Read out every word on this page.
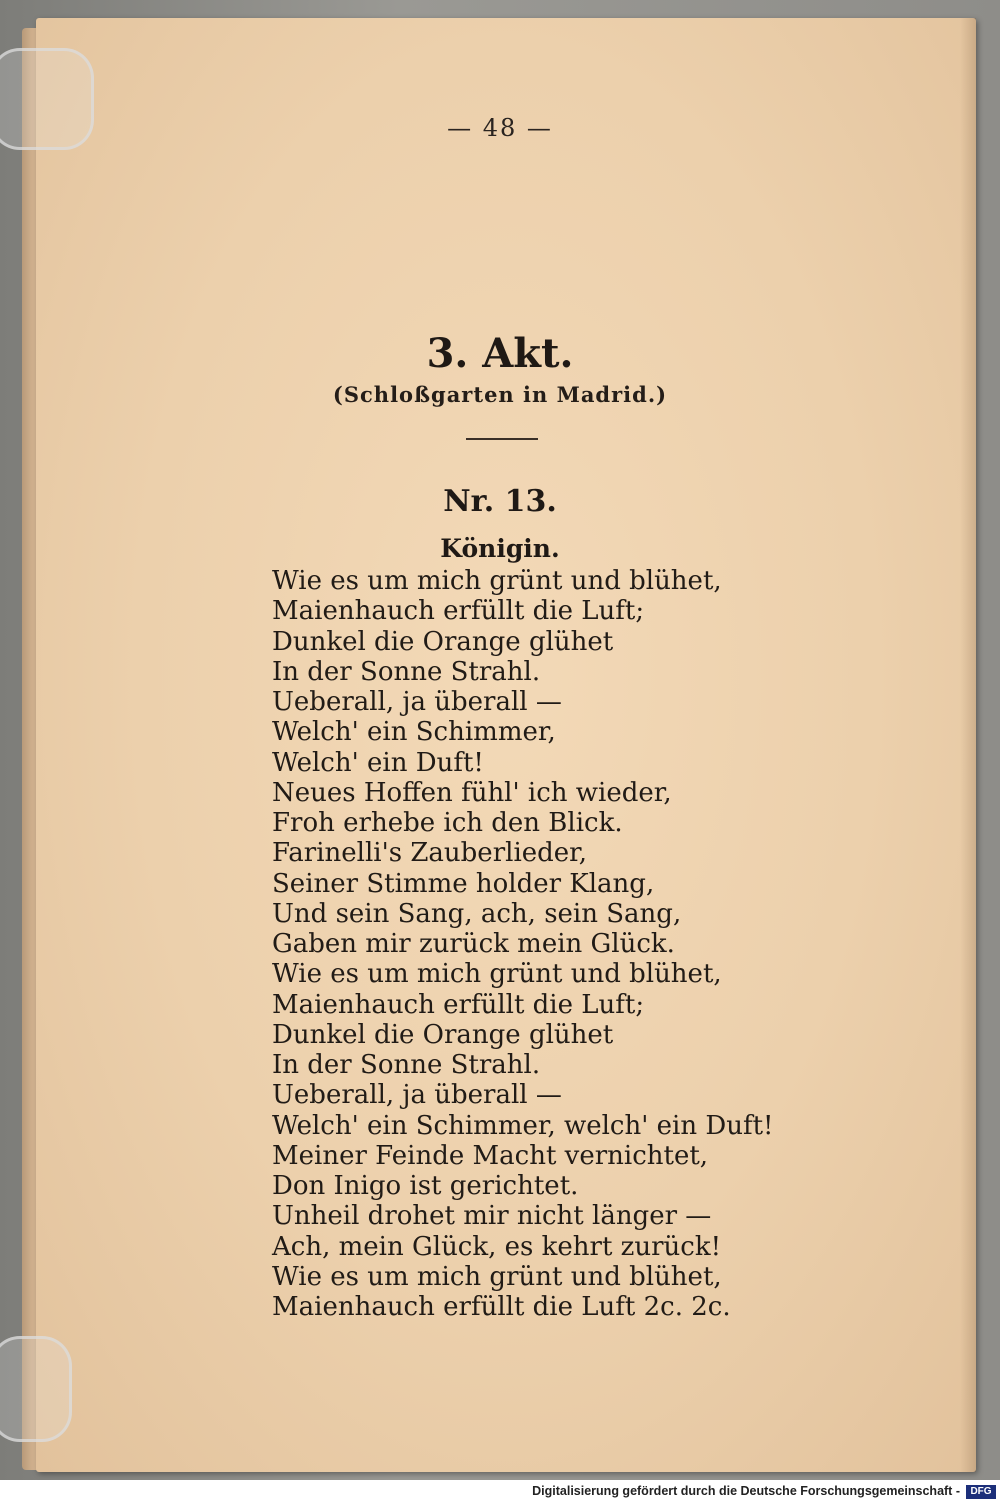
— 48 —
3. Akt.
(Schloßgarten in Madrid.)
Nr. 13.
Königin.
Wie es um mich grünt und blühet,
Maienhauch erfüllt die Luft;
Dunkel die Orange glühet
In der Sonne Strahl.
Ueberall, ja überall —
Welch' ein Schimmer,
Welch' ein Duft!
Neues Hoffen fühl' ich wieder,
Froh erhebe ich den Blick.
Farinelli's Zauberlieder,
Seiner Stimme holder Klang,
Und sein Sang, ach, sein Sang,
Gaben mir zurück mein Glück.
Wie es um mich grünt und blühet,
Maienhauch erfüllt die Luft;
Dunkel die Orange glühet
In der Sonne Strahl.
Ueberall, ja überall —
Welch' ein Schimmer, welch' ein Duft!
Meiner Feinde Macht vernichtet,
Don Inigo ist gerichtet.
Unheil drohet mir nicht länger —
Ach, mein Glück, es kehrt zurück!
Wie es um mich grünt und blühet,
Maienhauch erfüllt die Luft 2c. 2c.
Digitalisierung gefördert durch die Deutsche Forschungsgemeinschaft -	DFG
